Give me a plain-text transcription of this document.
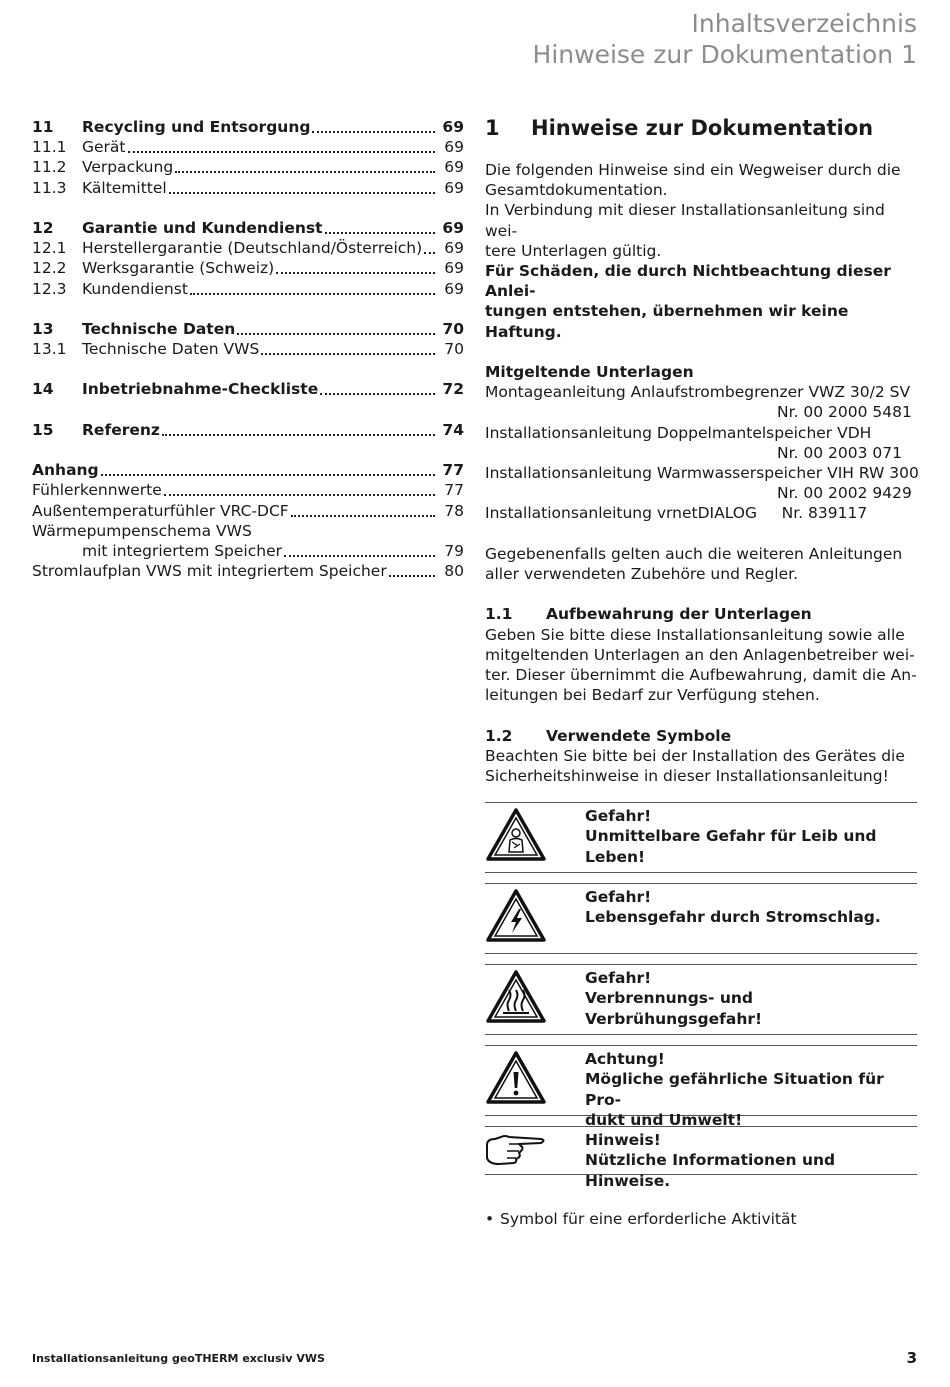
Inhaltsverzeichnis
Hinweise zur Dokumentation 1
11	Recycling und Entsorgung	69
11.1 Gerät	69
11.2 Verpackung	69
11.3 Kältemittel	69
12	Garantie und Kundendienst	69
12.1 Herstellergarantie (Deutschland/Österreich) 69
12.2 Werksgarantie (Schweiz)	69
12.3 Kundendienst	69
13	Technische Daten	70
13.1 Technische Daten VWS	70
14	Inbetriebnahme-Checkliste	72
15	Referenz	74
Anhang	77
Fühlerkennwerte	77
Außentemperaturfühler VRC-DCF	78
Wärmepumpenschema VWS
mit integriertem Speicher	79
Stromlaufplan VWS mit integriertem Speicher	80
1	Hinweise zur Dokumentation
Die folgenden Hinweise sind ein Wegweiser durch die
Gesamtdokumentation.
In Verbindung mit dieser Installationsanleitung sind wei-
tere Unterlagen gültig.
Für Schäden, die durch Nichtbeachtung dieser Anlei-
tungen entstehen, übernehmen wir keine Haftung.
Mitgeltende Unterlagen
Montageanleitung Anlaufstrombegrenzer VWZ 30/2 SV
Nr. 00 2000 5481
Installationsanleitung Doppelmantelspeicher VDH
Nr. 00 2003 071
Installationsanleitung Warmwasserspeicher VIH RW 300
Nr. 00 2002 9429
Installationsanleitung vrnetDIALOG     Nr. 839117
Gegebenenfalls gelten auch die weiteren Anleitungen
aller verwendeten Zubehöre und Regler.
1.1	Aufbewahrung der Unterlagen
Geben Sie bitte diese Installationsanleitung sowie alle
mitgeltenden Unterlagen an den Anlagenbetreiber wei-
ter. Dieser übernimmt die Aufbewahrung, damit die An-
leitungen bei Bedarf zur Verfügung stehen.
1.2	Verwendete Symbole
Beachten Sie bitte bei der Installation des Gerätes die
Sicherheitshinweise in dieser Installationsanleitung!
Gefahr!
Unmittelbare Gefahr für Leib und Leben!
Gefahr!
Lebensgefahr durch Stromschlag.
Gefahr!
Verbrennungs- und Verbrühungsgefahr!
Achtung!
Mögliche gefährliche Situation für Pro-
dukt und Umwelt!
Hinweis!
Nützliche Informationen und Hinweise.
• Symbol für eine erforderliche Aktivität
Installationsanleitung geoTHERM exclusiv VWS	3
